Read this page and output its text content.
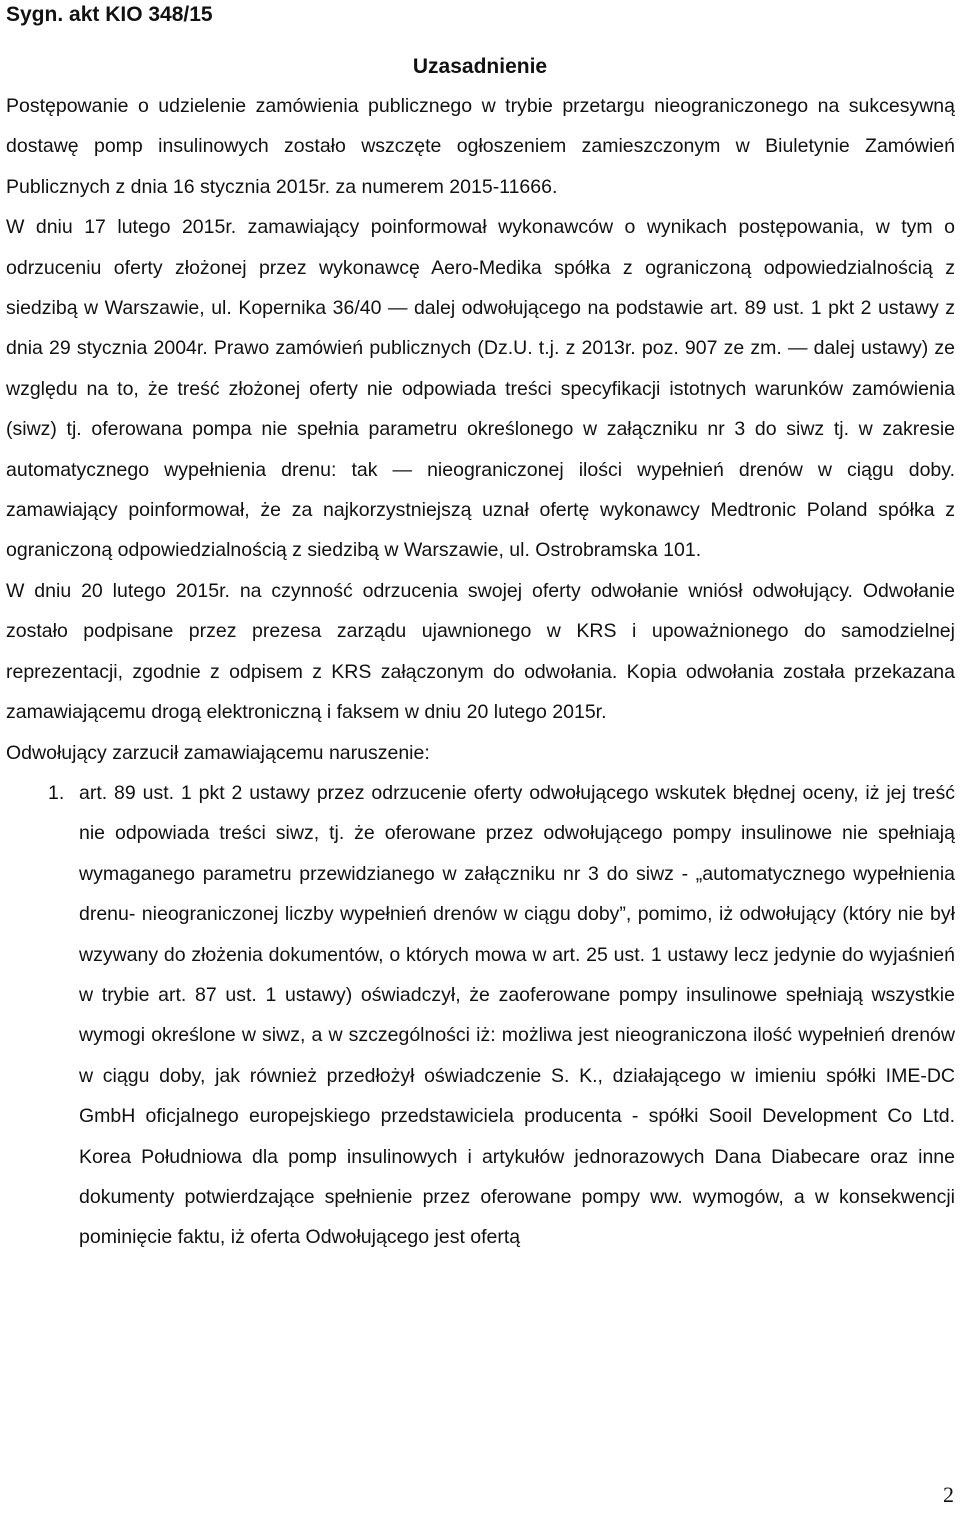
Sygn. akt KIO 348/15
Uzasadnienie

Postępowanie o udzielenie zamówienia publicznego w trybie przetargu nieograniczonego na sukcesywną dostawę pomp insulinowych zostało wszczęte ogłoszeniem zamieszczonym w Biuletynie Zamówień Publicznych z dnia 16 stycznia 2015r. za numerem 2015-11666.

W dniu 17 lutego 2015r. zamawiający poinformował wykonawców o wynikach postępowania, w tym o odrzuceniu oferty złożonej przez wykonawcę Aero-Medika spółka z ograniczoną odpowiedzialnością z siedzibą w Warszawie, ul. Kopernika 36/40 — dalej odwołującego na podstawie art. 89 ust. 1 pkt 2 ustawy z dnia 29 stycznia 2004r. Prawo zamówień publicznych (Dz.U. t.j. z 2013r. poz. 907 ze zm. — dalej ustawy) ze względu na to, że treść złożonej oferty nie odpowiada treści specyfikacji istotnych warunków zamówienia (siwz) tj. oferowana pompa nie spełnia parametru określonego w załączniku nr 3 do siwz tj. w zakresie automatycznego wypełnienia drenu: tak — nieograniczonej ilości wypełnień drenów w ciągu doby. zamawiający poinformował, że za najkorzystniejszą uznał ofertę wykonawcy Medtronic Poland spółka z ograniczoną odpowiedzialnością z siedzibą w Warszawie, ul. Ostrobramska 101.

W dniu 20 lutego 2015r. na czynność odrzucenia swojej oferty odwołanie wniósł odwołujący. Odwołanie zostało podpisane przez prezesa zarządu ujawnionego w KRS i upoważnionego do samodzielnej reprezentacji, zgodnie z odpisem z KRS załączonym do odwołania. Kopia odwołania została przekazana zamawiającemu drogą elektroniczną i faksem w dniu 20 lutego 2015r.

Odwołujący zarzucił zamawiającemu naruszenie:

1. art. 89 ust. 1 pkt 2 ustawy przez odrzucenie oferty odwołującego wskutek błędnej oceny, iż jej treść nie odpowiada treści siwz, tj. że oferowane przez odwołującego pompy insulinowe nie spełniają wymaganego parametru przewidzianego w załączniku nr 3 do siwz - „automatycznego wypełnienia drenu- nieograniczonej liczby wypełnień drenów w ciągu doby”, pomimo, iż odwołujący (który nie był wzywany do złożenia dokumentów, o których mowa w art. 25 ust. 1 ustawy lecz jedynie do wyjaśnień w trybie art. 87 ust. 1 ustawy) oświadczył, że zaoferowane pompy insulinowe spełniają wszystkie wymogi określone w siwz, a w szczególności iż: możliwa jest nieograniczona ilość wypełnień drenów w ciągu doby, jak również przedłożył oświadczenie S. K., działającego w imieniu spółki IME-DC GmbH oficjalnego europejskiego przedstawiciela producenta - spółki Sooil Development Co Ltd. Korea Południowa dla pomp insulinowych i artykułów jednorazowych Dana Diabecare oraz inne dokumenty potwierdzające spełnienie przez oferowane pompy ww. wymogów, a w konsekwencji pominięcie faktu, iż oferta Odwołującego jest ofertą
2
